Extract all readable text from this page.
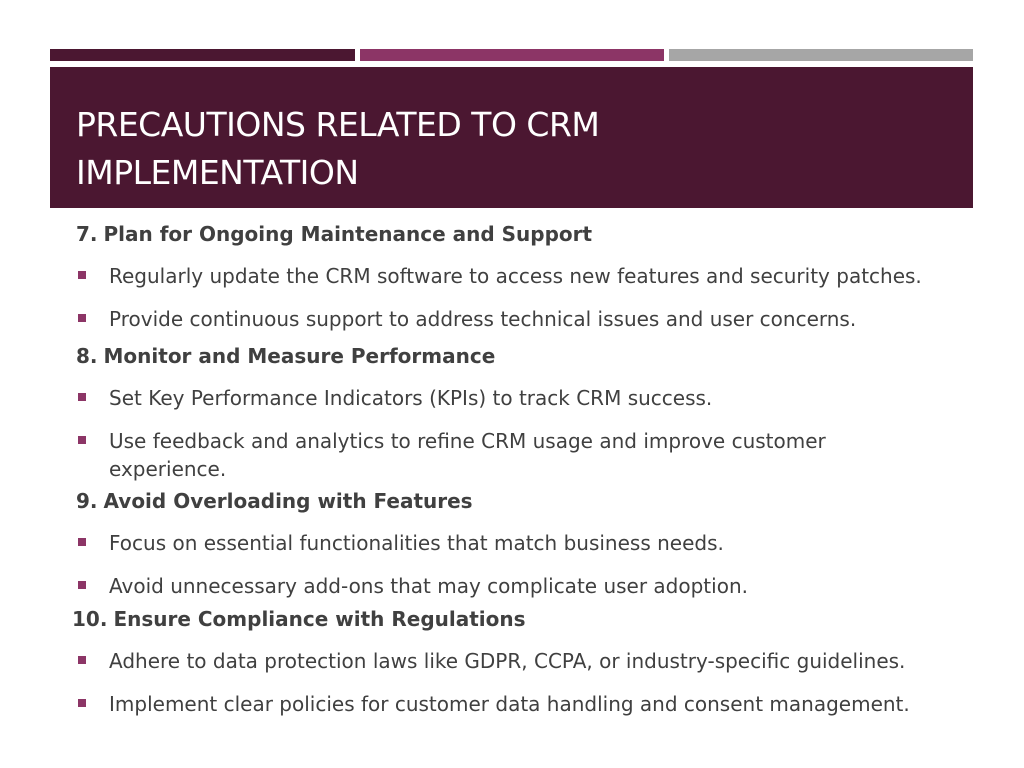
PRECAUTIONS RELATED TO CRM IMPLEMENTATION

7. Plan for Ongoing Maintenance and Support

Regularly update the CRM software to access new features and security patches.
Provide continuous support to address technical issues and user concerns.

8. Monitor and Measure Performance

Set Key Performance Indicators (KPIs) to track CRM success.
Use feedback and analytics to refine CRM usage and improve customer experience.

9. Avoid Overloading with Features

Focus on essential functionalities that match business needs.
Avoid unnecessary add-ons that may complicate user adoption.

10. Ensure Compliance with Regulations

Adhere to data protection laws like GDPR, CCPA, or industry-specific guidelines.
Implement clear policies for customer data handling and consent management.
